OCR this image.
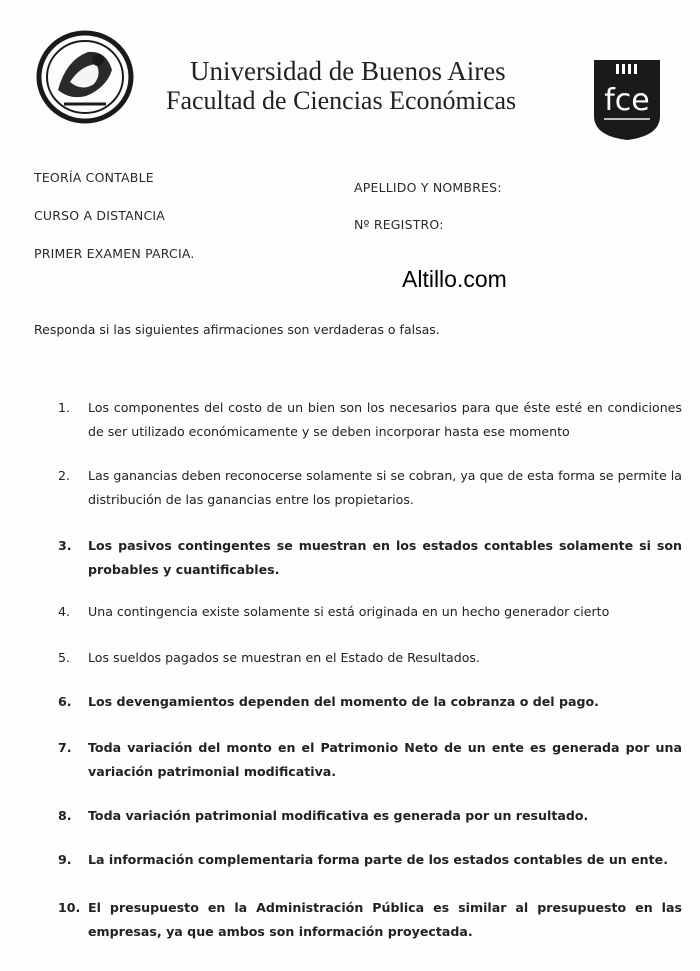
Universidad de Buenos Aires
Facultad de Ciencias Económicas	fce
TEORÍA CONTABLE
CURSO A DISTANCIA
PRIMER EXAMEN PARCIA.
APELLIDO Y NOMBRES:
Nº REGISTRO:
Altillo.com
Responda si las siguientes afirmaciones son verdaderas o falsas.
1.	Los componentes del costo de un bien son los necesarios para que éste esté en condiciones de ser utilizado económicamente y se deben incorporar hasta ese momento
2.	Las ganancias deben reconocerse solamente si se cobran, ya que de esta forma se permite la distribución de las ganancias entre los propietarios.
3.	Los pasivos contingentes se muestran en los estados contables solamente si son probables y cuantificables.
4.	Una contingencia existe solamente si está originada en un hecho generador cierto
5.	Los sueldos pagados se muestran en el Estado de Resultados.
6.	Los devengamientos dependen del momento de la cobranza o del pago.
7.	Toda variación del monto en el Patrimonio Neto de un ente es generada por una variación patrimonial modificativa.
8.	Toda variación patrimonial modificativa es generada por un resultado.
9.	La información complementaria forma parte de los estados contables de un ente.
10. El presupuesto en la Administración Pública es similar al presupuesto en las empresas, ya que ambos son información proyectada.
